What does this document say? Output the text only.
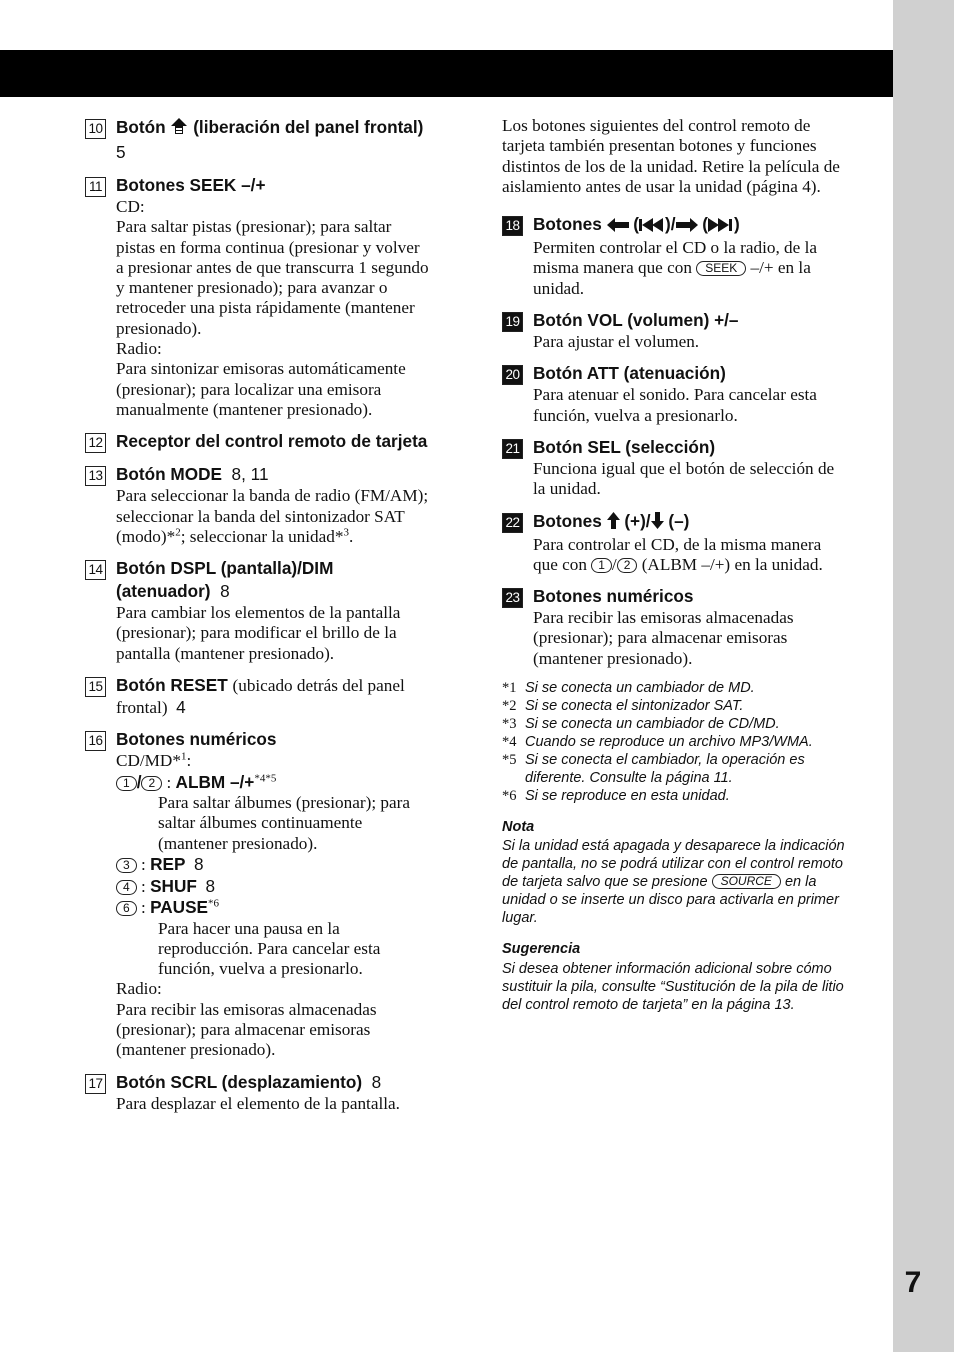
7
10 Botón (liberación del panel frontal)
5
11 Botones SEEK –/+

CD:

Para saltar pistas (presionar); para saltar

pistas en forma continua (presionar y volver

a presionar antes de que transcurra 1 segundo

y mantener presionado); para avanzar o

retroceder una pista rápidamente (mantener

presionado).

Radio:

Para sintonizar emisoras automáticamente

(presionar); para localizar una emisora

manualmente (mantener presionado).

12 Receptor del control remoto de tarjeta
13 Botón MODE 8, 11

Para seleccionar la banda de radio (FM/AM);

seleccionar la banda del sintonizador SAT

(modo)*$^2$; seleccionar la unidad*$^3$.

14 Botón DSPL (pantalla)/DIM
(atenuador) 8

Para cambiar los elementos de la pantalla

(presionar); para modificar el brillo de la

pantalla (mantener presionado).

15 Botón RESET (ubicado detrás del panel

frontal) 4

16 Botones numéricos

CD/MD*$^1$:

1 / 2 : ALBM –/+$^{*4*5}$

Para saltar álbumes (presionar); para

saltar álbumes continuamente

(mantener presionado).

3 : REP 8

4 : SHUF 8

6 : PAUSE$^{*6}$

Para hacer una pausa en la

reproducción. Para cancelar esta

función, vuelva a presionarlo.

Radio:

Para recibir las emisoras almacenadas

(presionar); para almacenar emisoras

(mantener presionado).

17 Botón SCRL (desplazamiento) 8

Para desplazar el elemento de la pantalla.

Los botones siguientes del control remoto de

tarjeta también presentan botones y funciones

distintos de los de la unidad. Retire la película de

aislamiento antes de usar la unidad (página 4).

18 Botones  ( )/ ( )

Permiten controlar el CD o la radio, de la

misma manera que con SEEK –/+ en la

unidad.

19 Botón VOL (volumen) +/–

Para ajustar el volumen.

20 Botón ATT (atenuación)

Para atenuar el sonido. Para cancelar esta

función, vuelva a presionarlo.

21 Botón SEL (selección)

Funciona igual que el botón de selección de

la unidad.

22 Botones (+)/ (–)

Para controlar el CD, de la misma manera

que con 1 / 2 (ALBM –/+) en la unidad.

23 Botones numéricos

Para recibir las emisoras almacenadas

(presionar); para almacenar emisoras

(mantener presionado).

*1 Si se conecta un cambiador de MD.
*2 Si se conecta el sintonizador SAT.
*3 Si se conecta un cambiador de CD/MD.
*4 Cuando se reproduce un archivo MP3/WMA.
*5 Si se conecta el cambiador, la operación es
diferente. Consulte la página 11.
*6 Si se reproduce en esta unidad.
Nota
Si la unidad está apagada y desaparece la indicación
de pantalla, no se podrá utilizar con el control remoto
de tarjeta salvo que se presione SOURCE en la
unidad o se inserte un disco para activarla en primer
lugar.
Sugerencia
Si desea obtener información adicional sobre cómo
sustituir la pila, consulte “Sustitución de la pila de litio
del control remoto de tarjeta” en la página 13.
